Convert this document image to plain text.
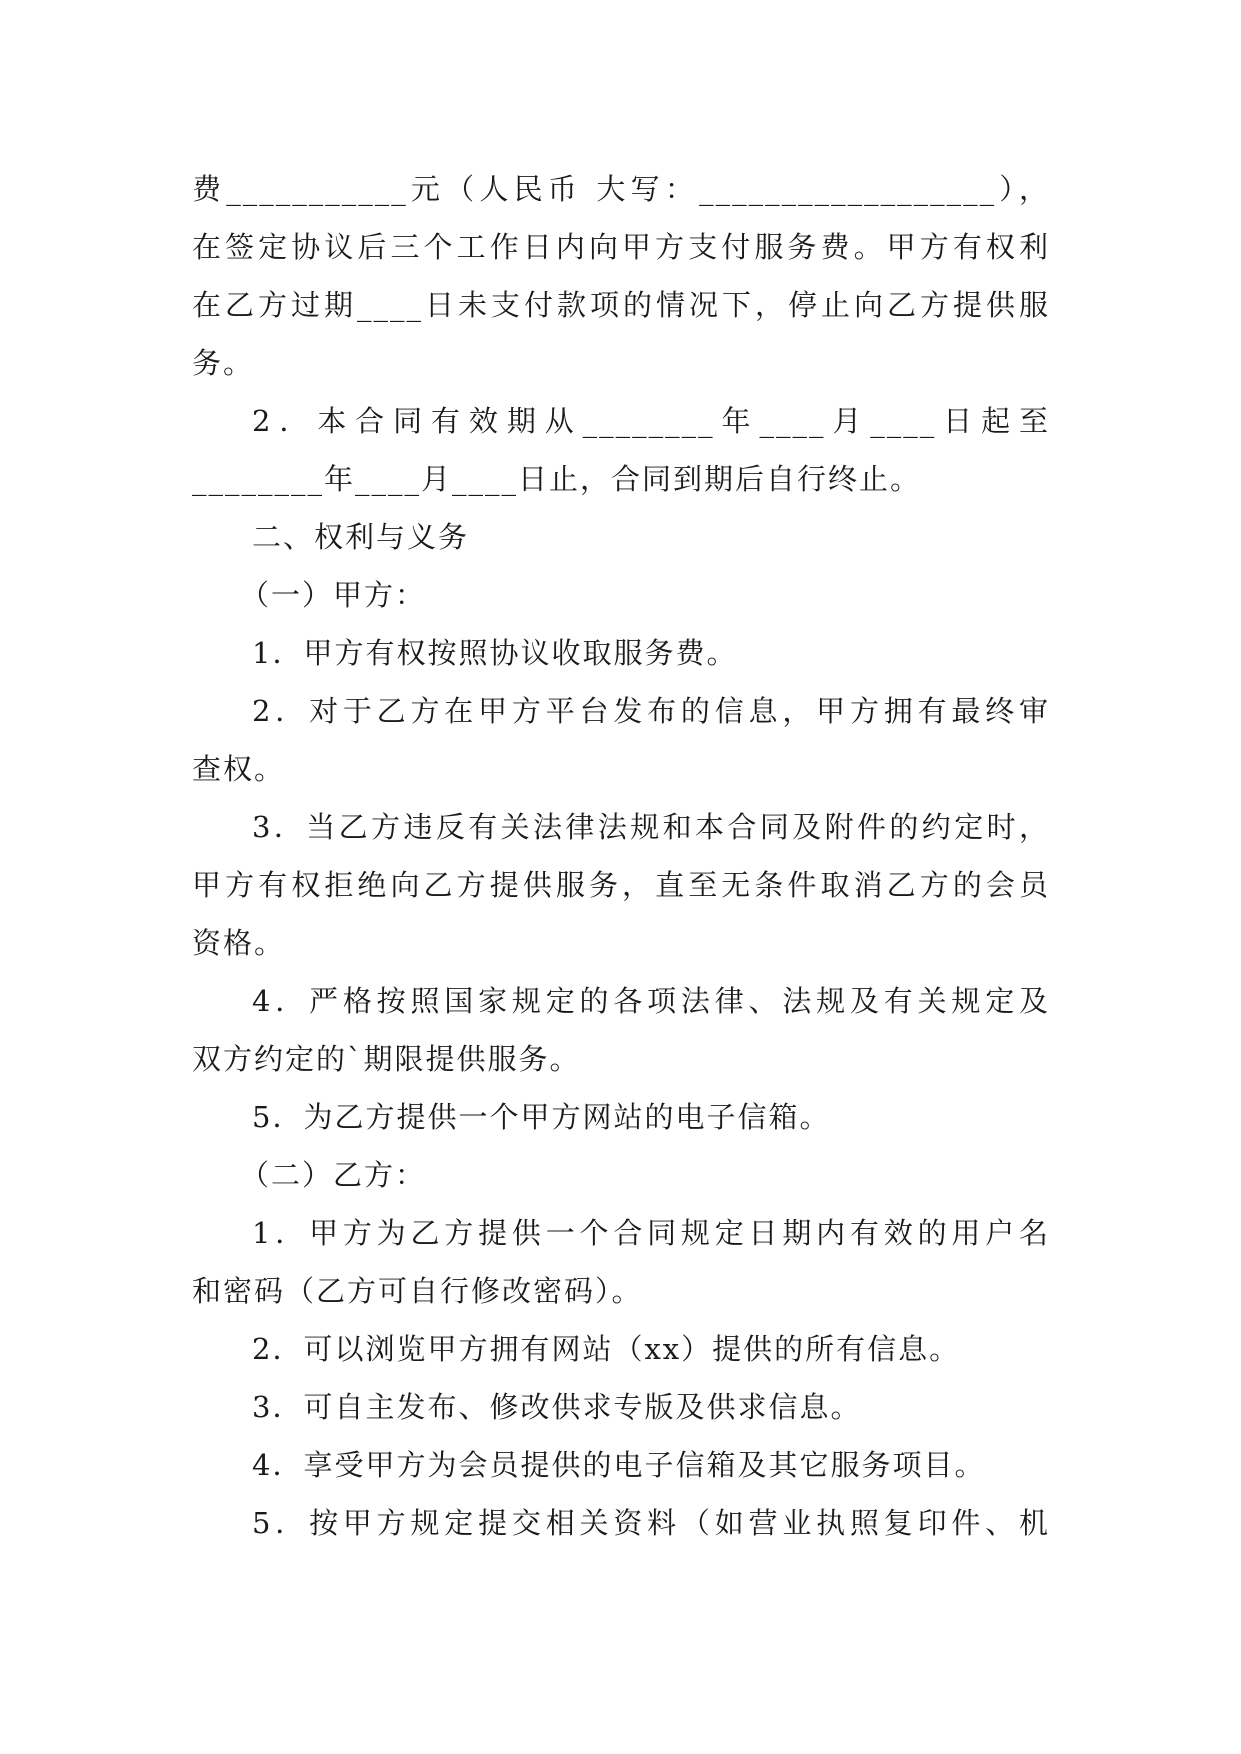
费___________元（人民币 大写：__________________），
在签定协议后三个工作日内向甲方支付服务费。甲方有权利
在乙方过期____日未支付款项的情况下，停止向乙方提供服
务。
2．本合同有效期从________年____月____日起至
________年____月____日止，合同到期后自行终止。
二、权利与义务
（一）甲方：
1．甲方有权按照协议收取服务费。
2．对于乙方在甲方平台发布的信息，甲方拥有最终审
查权。
3．当乙方违反有关法律法规和本合同及附件的约定时，
甲方有权拒绝向乙方提供服务，直至无条件取消乙方的会员
资格。
4．严格按照国家规定的各项法律、法规及有关规定及
双方约定的`期限提供服务。
5．为乙方提供一个甲方网站的电子信箱。
（二）乙方：
1．甲方为乙方提供一个合同规定日期内有效的用户名
和密码（乙方可自行修改密码）。
2．可以浏览甲方拥有网站（xx）提供的所有信息。
3．可自主发布、修改供求专版及供求信息。
4．享受甲方为会员提供的电子信箱及其它服务项目。
5．按甲方规定提交相关资料（如营业执照复印件、机
